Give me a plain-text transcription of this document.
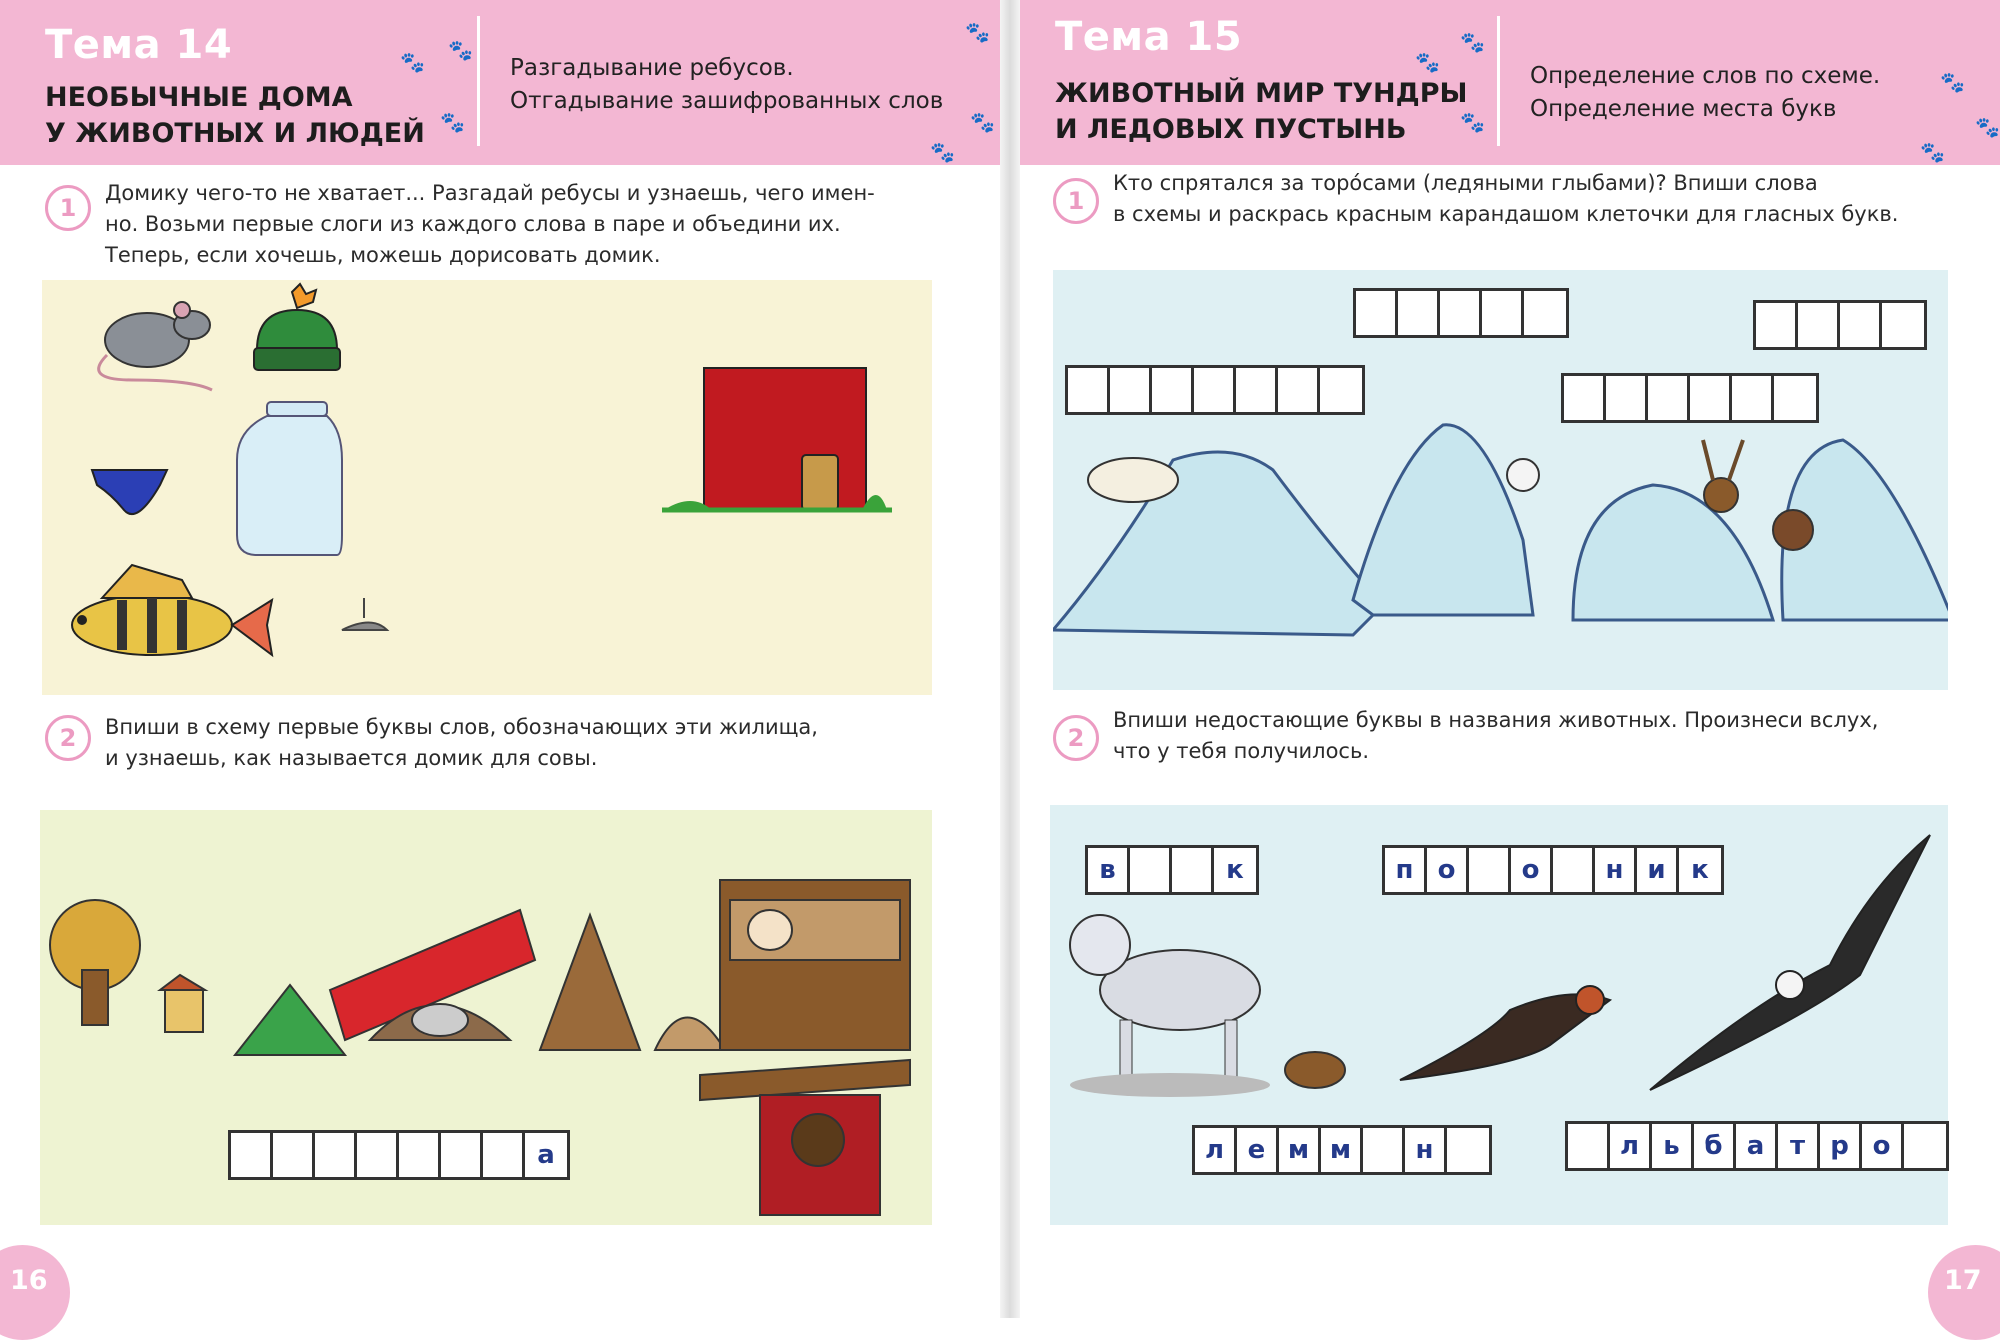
Тема 14
НЕОБЫЧНЫЕ ДОМА
У ЖИВОТНЫХ И ЛЮДЕЙ
Разгадывание ребусов.
Отгадывание зашифрованных слов
🐾 🐾
🐾
🐾
🐾
🐾
Тема 15
ЖИВОТНЫЙ МИР ТУНДРЫ
И ЛЕДОВЫХ ПУСТЫНЬ
Определение слов по схеме.
Определение места букв
🐾
🐾
🐾
🐾
🐾
🐾
1
Домику чего-то не хватает... Разгадай ребусы и узнаешь, чего имен-
но. Возьми первые слоги из каждого слова в паре и объедини их.
Теперь, если хочешь, можешь дорисовать домик.
2	Впиши в схему первые буквы слов, обозначающих эти жилища,
и узнаешь, как называется домик для совы.
а
16
1
Кто спрятался за торо́сами (ледяными глыбами)? Впиши слова
в схемы и раскрась красным карандашом клеточки для гласных букв.
2
Впиши недостающие буквы в названия животных. Произнеси вслух,
что у тебя получилось.
в	к	п о	о	н и к
л е м м	н	л ь б а т р о
17
